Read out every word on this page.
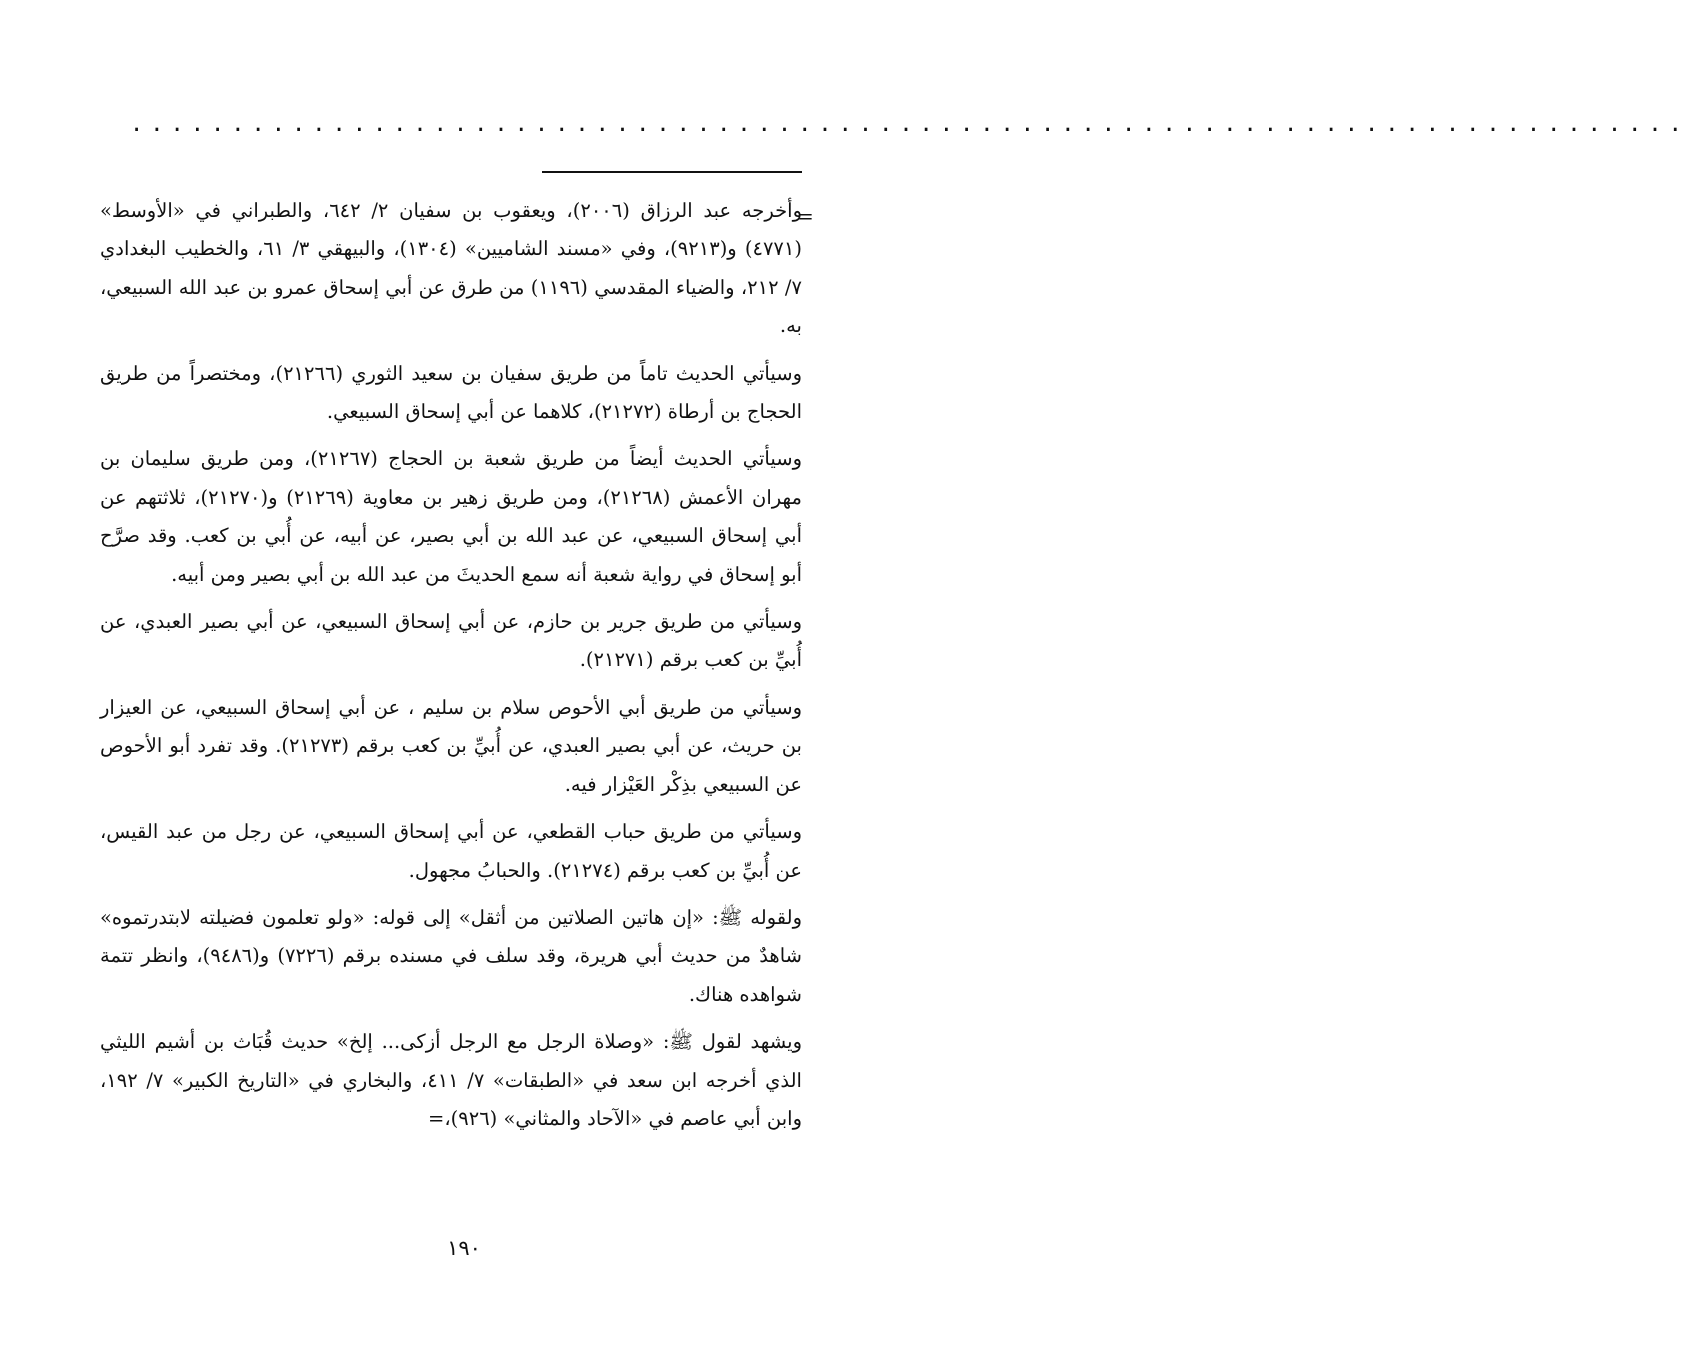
.............................................................................
=

وأخرجه عبد الرزاق (٢٠٠٦)، ويعقوب بن سفيان ٢/ ٦٤٢، والطبراني في «الأوسط» (٤٧٧١) و(٩٢١٣)، وفي «مسند الشاميين» (١٣٠٤)، والبيهقي ٣/ ٦١، والخطيب البغدادي ٧/ ٢١٢، والضياء المقدسي (١١٩٦) من طرق عن أبي إسحاق عمرو بن عبد الله السبيعي، به.

وسيأتي الحديث تاماً من طريق سفيان بن سعيد الثوري (٢١٢٦٦)، ومختصراً من طريق الحجاج بن أرطاة (٢١٢٧٢)، كلاهما عن أبي إسحاق السبيعي.

وسيأتي الحديث أيضاً من طريق شعبة بن الحجاج (٢١٢٦٧)، ومن طريق سليمان بن مهران الأعمش (٢١٢٦٨)، ومن طريق زهير بن معاوية (٢١٢٦٩) و(٢١٢٧٠)، ثلاثتهم عن أبي إسحاق السبيعي، عن عبد الله بن أبي بصير، عن أبيه، عن أُبي بن كعب. وقد صرَّح أبو إسحاق في رواية شعبة أنه سمع الحديثَ من عبد الله بن أبي بصير ومن أبيه.

وسيأتي من طريق جرير بن حازم، عن أبي إسحاق السبيعي، عن أبي بصير العبدي، عن أُبيِّ بن كعب برقم (٢١٢٧١).

وسيأتي من طريق أبي الأحوص سلام بن سليم ، عن أبي إسحاق السبيعي، عن العيزار بن حريث، عن أبي بصير العبدي، عن أُبيِّ بن كعب برقم (٢١٢٧٣). وقد تفرد أبو الأحوص عن السبيعي بذِكْر العَيْزار فيه.

وسيأتي من طريق حباب القطعي، عن أبي إسحاق السبيعي، عن رجل من عبد القيس، عن أُبيِّ بن كعب برقم (٢١٢٧٤). والحبابُ مجهول.

ولقوله ﷺ: «إن هاتين الصلاتين من أثقل» إلى قوله: «ولو تعلمون فضيلته لابتدرتموه» شاهدٌ من حديث أبي هريرة، وقد سلف في مسنده برقم (٧٢٢٦) و(٩٤٨٦)، وانظر تتمة شواهده هناك.

ويشهد لقول ﷺ: «وصلاة الرجل مع الرجل أزكى... إلخ» حديث قُبَاث بن أشيم الليثي الذي أخرجه ابن سعد في «الطبقات» ٧/ ٤١١، والبخاري في «التاريخ الكبير» ٧/ ١٩٢، وابن أبي عاصم في «الآحاد والمثاني» (٩٢٦)،=

١٩٠
